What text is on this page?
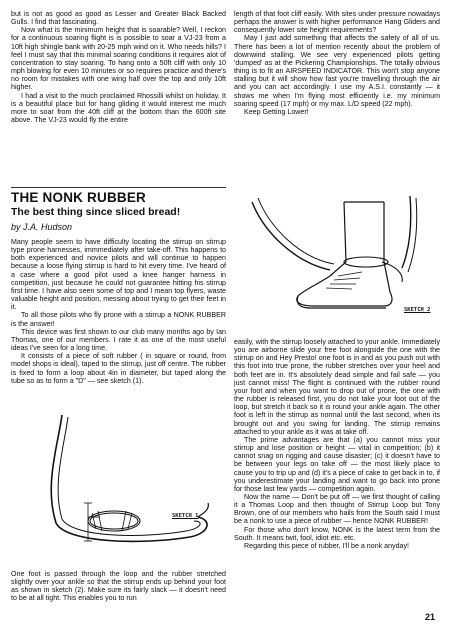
but is not as good as good as Lesser and Greater Black Backed Gulls. I find that fascinating.

Now what is the minimum height that is soarable? Well, I reckon for a continuous soaring flight is is possible to soar a VJ-23 from a 10ft high shingle bank with 20-25 mph wind on it. Who needs hills? I feel I must say that this minimal soaring conditions it requires alot of concentration to stay soaring. To hang onto a 50ft cliff with only 10 mph blowing for even 10 minutes or so requires practice and there's no room for mistakes with one wing half over the top and only 10ft higher.

I had a visit to the much proclaimed Rhossilli whilst on holiday. It is a beautiful place but for hang gliding it would interest me much more to soar from the 40ft cliff at the bottom than the 600ft site above. The VJ-23 would fly the entire

length of that foot cliff easily. With sites under pressure nowadays perhaps the answer is with higher performance Hang Gliders and consequently lower site height requirements?

May I just add something that affects the safety of all of us. There has been a lot of mention recently about the problem of downwind stalling. We see very experienced pilots getting 'dumped' as at the Pickering Championships. The totally obvious thing is to fit an AIRSPEED INDICATOR. This won't stop anyone stalling but it will show how fast you're travelling through the air and you can act accordingly. I use my A.S.I. constantly — it shows me when I'm flying most efficiently i.e. my minimum soaring speed (17 mph) or my max. L/D speed (22 mph).

Keep Getting Lower!

THE NONK RUBBER
The best thing since sliced bread!
by J.A. Hudson

Many people seem to have difficulty locating the stirrup on stirrup type prone harnesses, immmediately after take-off. This happens to both experienced and novice pilots and will continue to happen because a loose flying stirrup is hard to hit every time. I've heard of a case where a good pilot used a knee hanger harness in competition, just because he could not guarantee hitting his stirrup first time. I have also seen some of top and I mean top flyers, waste valuable height and position, messing about trying to get their feet in it.

To all those pilots who fly prone with a stirrup a NONK RUBBER is the answer!

This device was first shown to our club many months ago by Ian Thomas, one of our members. I rate it as one of the most useful ideas I've seen for a long time.

It consists of a piece of soft rubber ( in square or round, from model shops is ideal), taped to the stirrup, just off centre. The rubber is fixed to form a loop about 4in in diameter, but taped along the tube so as to form a "D" — see sketch (1).

SKETCH 1

One foot is passed through the loop and the rubber stretched slightly over your ankle so that the stirrup ends up behind your foot as shown in sketch (2). Make sure its fairly slack — it doesn't need to be at all tight. This enables you to run

SKETCH 2

easily, with the stirrup loosely attached to your ankle. Immediately you are airborne slide your free foot alongside the one with the stirrup on and Hey Presto! one foot is in and as you push out with this foot into true prone, the rubber stretches over your heel and both feet are in. It's absolutely dead simple and fail safe — you just cannot miss! The flight is continued with the rubber round your foot and when you want to drop out of prone, the one with the rubber is released first, you do not take your foot out of the loop, but stretch it back so it is round your ankle again. The other foot is left in the stirrup as normal until the last second, when its brought out and you swing for landing. The stirrup remains attached to your ankle as it was at take off.

The prime advantages are that (a) you cannot miss your stirrup and lose position or height — vital in competition; (b) it cannot snag on rigging and cause disaster; (c) it doesn't have to be between your legs on take off — the most likely place to cause you to trip up and (d) it's a piece of cake to get back in to, if you underestimate your landing and want to go back into prone for those last few yards — competition again.

Now the name — Don't be put off — we first thought of calling it a Thomas Loop and then thought of Stirrup Loop but Tony Brown, one of our members who hails from the South said I must be a nonk to use a piece of rubber — hence NONK RUBBER!

For those who don't know, NONK is the latest term from the South. It means twit, fool, idiot etc. etc.

Regarding this piece of rubber, I'll be a nonk anyday!

21
